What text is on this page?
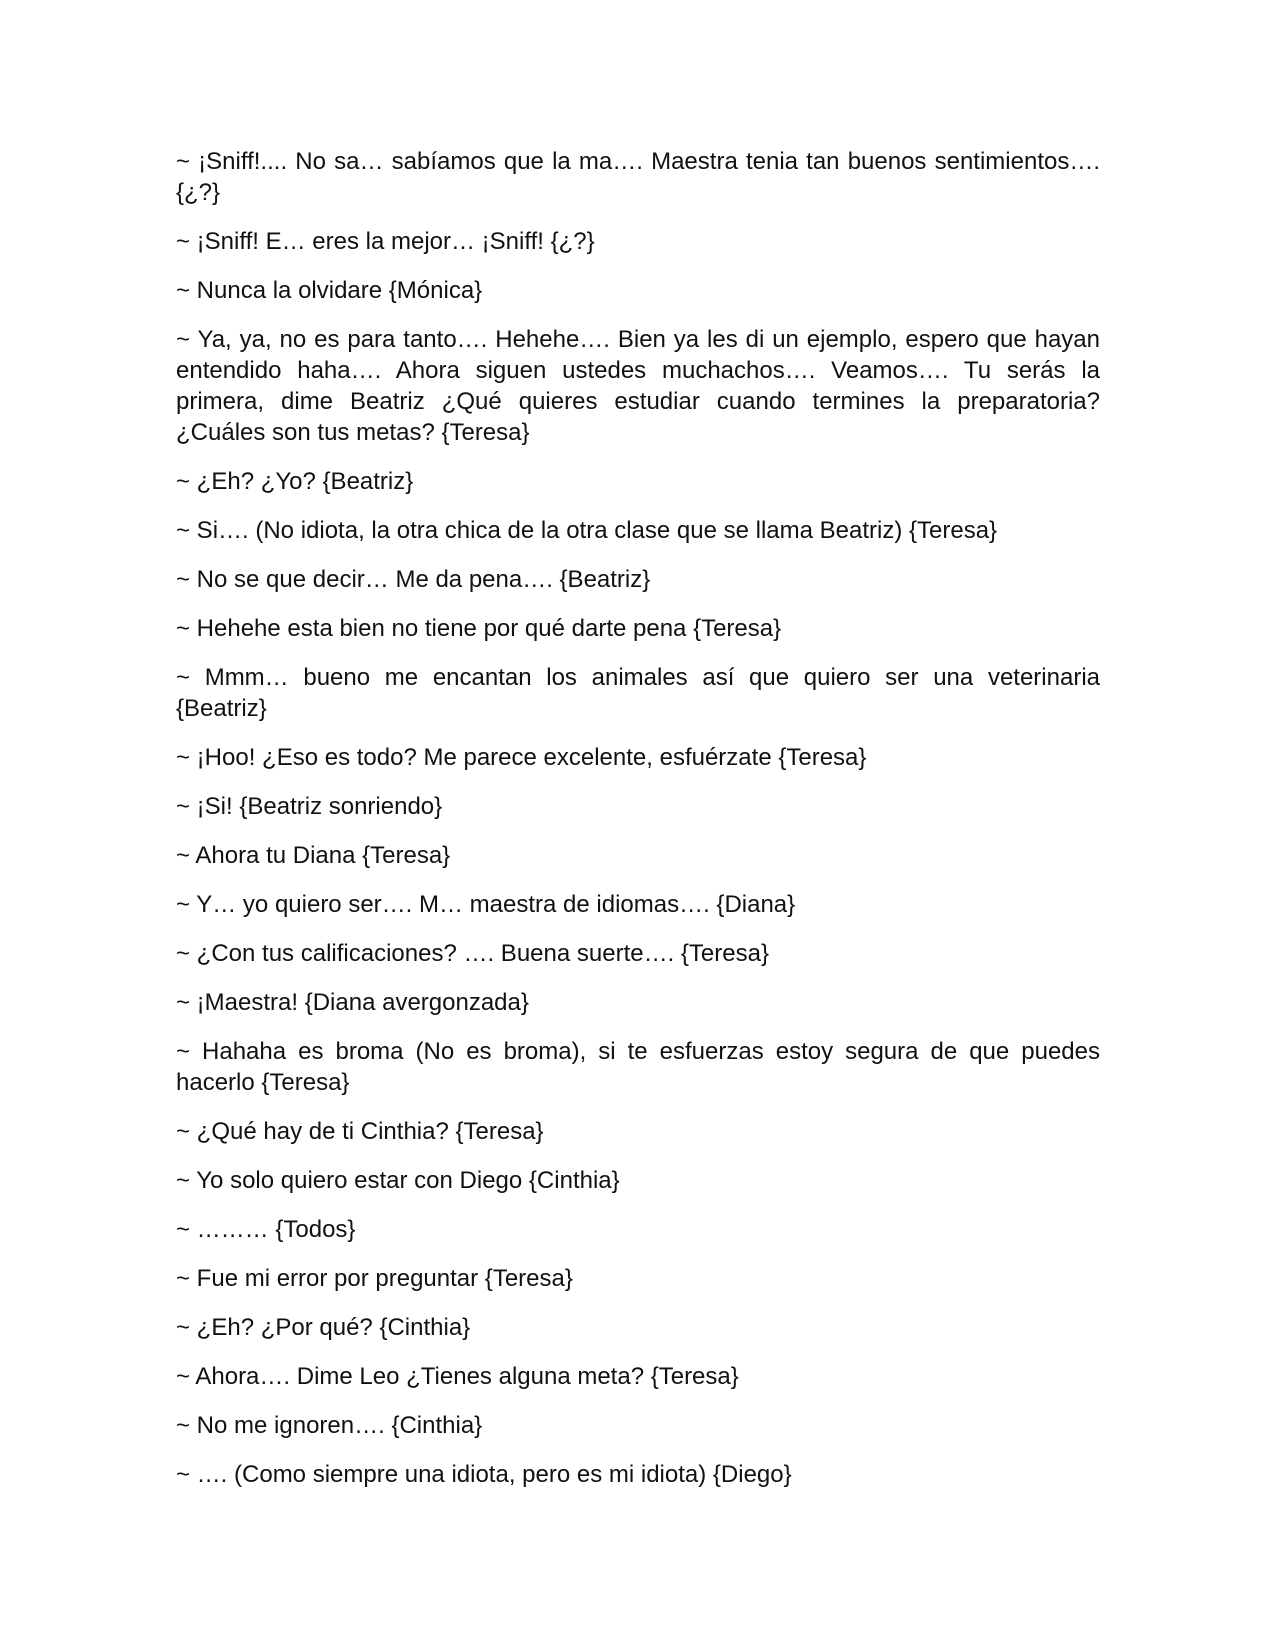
~ ¡Sniff!.... No sa… sabíamos que la ma…. Maestra tenia tan buenos sentimientos…. {¿?}

~ ¡Sniff! E… eres la mejor… ¡Sniff! {¿?}

~ Nunca la olvidare {Mónica}

~ Ya, ya, no es para tanto…. Hehehe…. Bien ya les di un ejemplo, espero que hayan entendido haha…. Ahora siguen ustedes muchachos…. Veamos…. Tu serás la primera, dime Beatriz ¿Qué quieres estudiar cuando termines la preparatoria? ¿Cuáles son tus metas? {Teresa}

~ ¿Eh? ¿Yo? {Beatriz}

~ Si…. (No idiota, la otra chica de la otra clase que se llama Beatriz) {Teresa}

~ No se que decir… Me da pena…. {Beatriz}

~ Hehehe esta bien no tiene por qué darte pena {Teresa}

~ Mmm… bueno me encantan los animales así que quiero ser una veterinaria {Beatriz}

~ ¡Hoo! ¿Eso es todo? Me parece excelente, esfuérzate {Teresa}

~ ¡Si! {Beatriz sonriendo}

~ Ahora tu Diana {Teresa}

~ Y… yo quiero ser…. M… maestra de idiomas…. {Diana}

~ ¿Con tus calificaciones? …. Buena suerte…. {Teresa}

~ ¡Maestra! {Diana avergonzada}

~ Hahaha es broma (No es broma), si te esfuerzas estoy segura de que puedes hacerlo {Teresa}

~ ¿Qué hay de ti Cinthia? {Teresa}

~ Yo solo quiero estar con Diego {Cinthia}

~ ……… {Todos}

~ Fue mi error por preguntar {Teresa}

~ ¿Eh? ¿Por qué? {Cinthia}

~ Ahora…. Dime Leo ¿Tienes alguna meta? {Teresa}

~ No me ignoren…. {Cinthia}

~ …. (Como siempre una idiota, pero es mi idiota) {Diego}
